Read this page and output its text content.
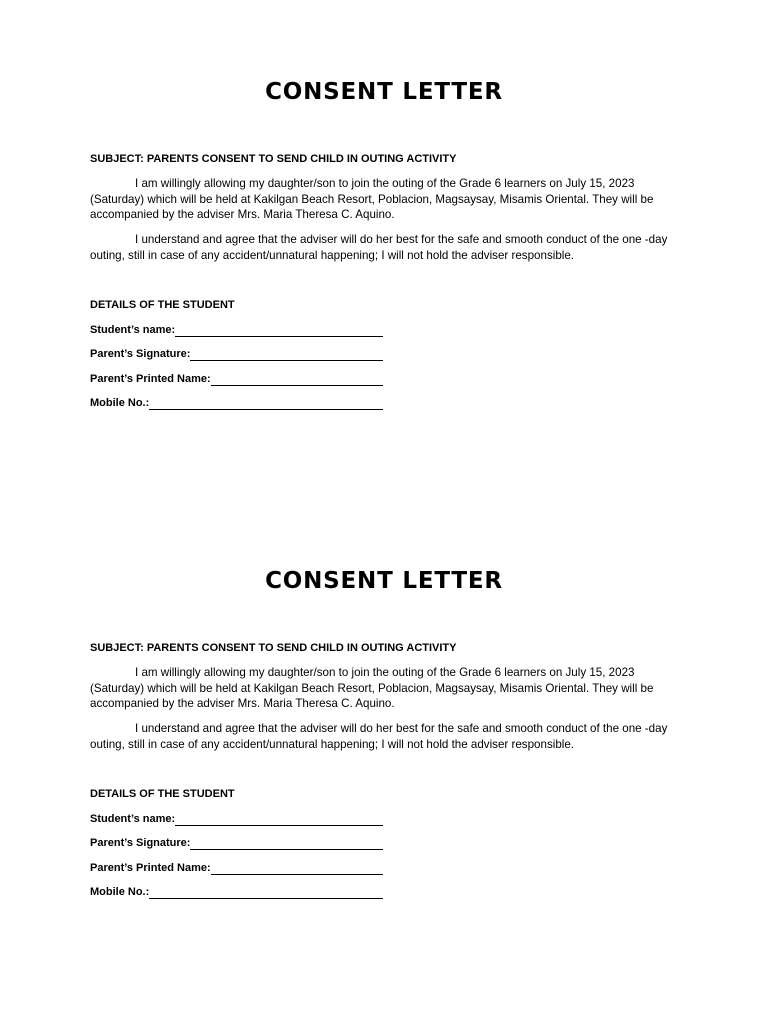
CONSENT LETTER
SUBJECT: PARENTS CONSENT TO SEND CHILD IN OUTING ACTIVITY

I am willingly allowing my daughter/son to join the outing of the Grade 6 learners on July 15, 2023 (Saturday) which will be held at Kakilgan Beach Resort, Poblacion, Magsaysay, Misamis Oriental. They will be accompanied by the adviser Mrs. Maria Theresa C. Aquino.

I understand and agree that the adviser will do her best for the safe and smooth conduct of the one -day outing, still in case of any accident/unnatural happening; I will not hold the adviser responsible.

DETAILS OF THE STUDENT
Student’s name:
Parent’s Signature:
Parent’s Printed Name:
Mobile No.:
CONSENT LETTER
SUBJECT: PARENTS CONSENT TO SEND CHILD IN OUTING ACTIVITY

I am willingly allowing my daughter/son to join the outing of the Grade 6 learners on July 15, 2023 (Saturday) which will be held at Kakilgan Beach Resort, Poblacion, Magsaysay, Misamis Oriental. They will be accompanied by the adviser Mrs. Maria Theresa C. Aquino.

I understand and agree that the adviser will do her best for the safe and smooth conduct of the one -day outing, still in case of any accident/unnatural happening; I will not hold the adviser responsible.

DETAILS OF THE STUDENT
Student’s name:
Parent’s Signature:
Parent’s Printed Name:
Mobile No.:
